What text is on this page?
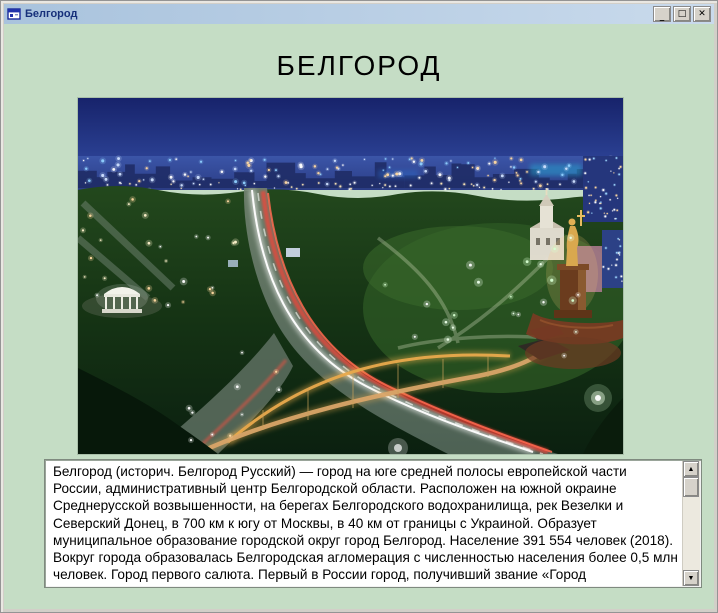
Белгород	_ □ ✕
БЕЛГОРОД
Белгород (историч. Белгород Русский) — город на юге средней полосы европейской части России, административный центр Белгородской области. Расположен на южной окраине Среднерусской возвышенности, на берегах Белгородского водохранилища, рек Везелки и Северский Донец, в 700 км к югу от Москвы, в 40 км от границы с Украиной. Образует муниципальное образование городской округ город Белгород. Население 391 554 человек (2018). Вокруг города образовалась Белгородская агломерация с численностью населения более 0,5 млн человек. Город первого салюта. Первый в России город, получивший звание «Город
▲
▼
